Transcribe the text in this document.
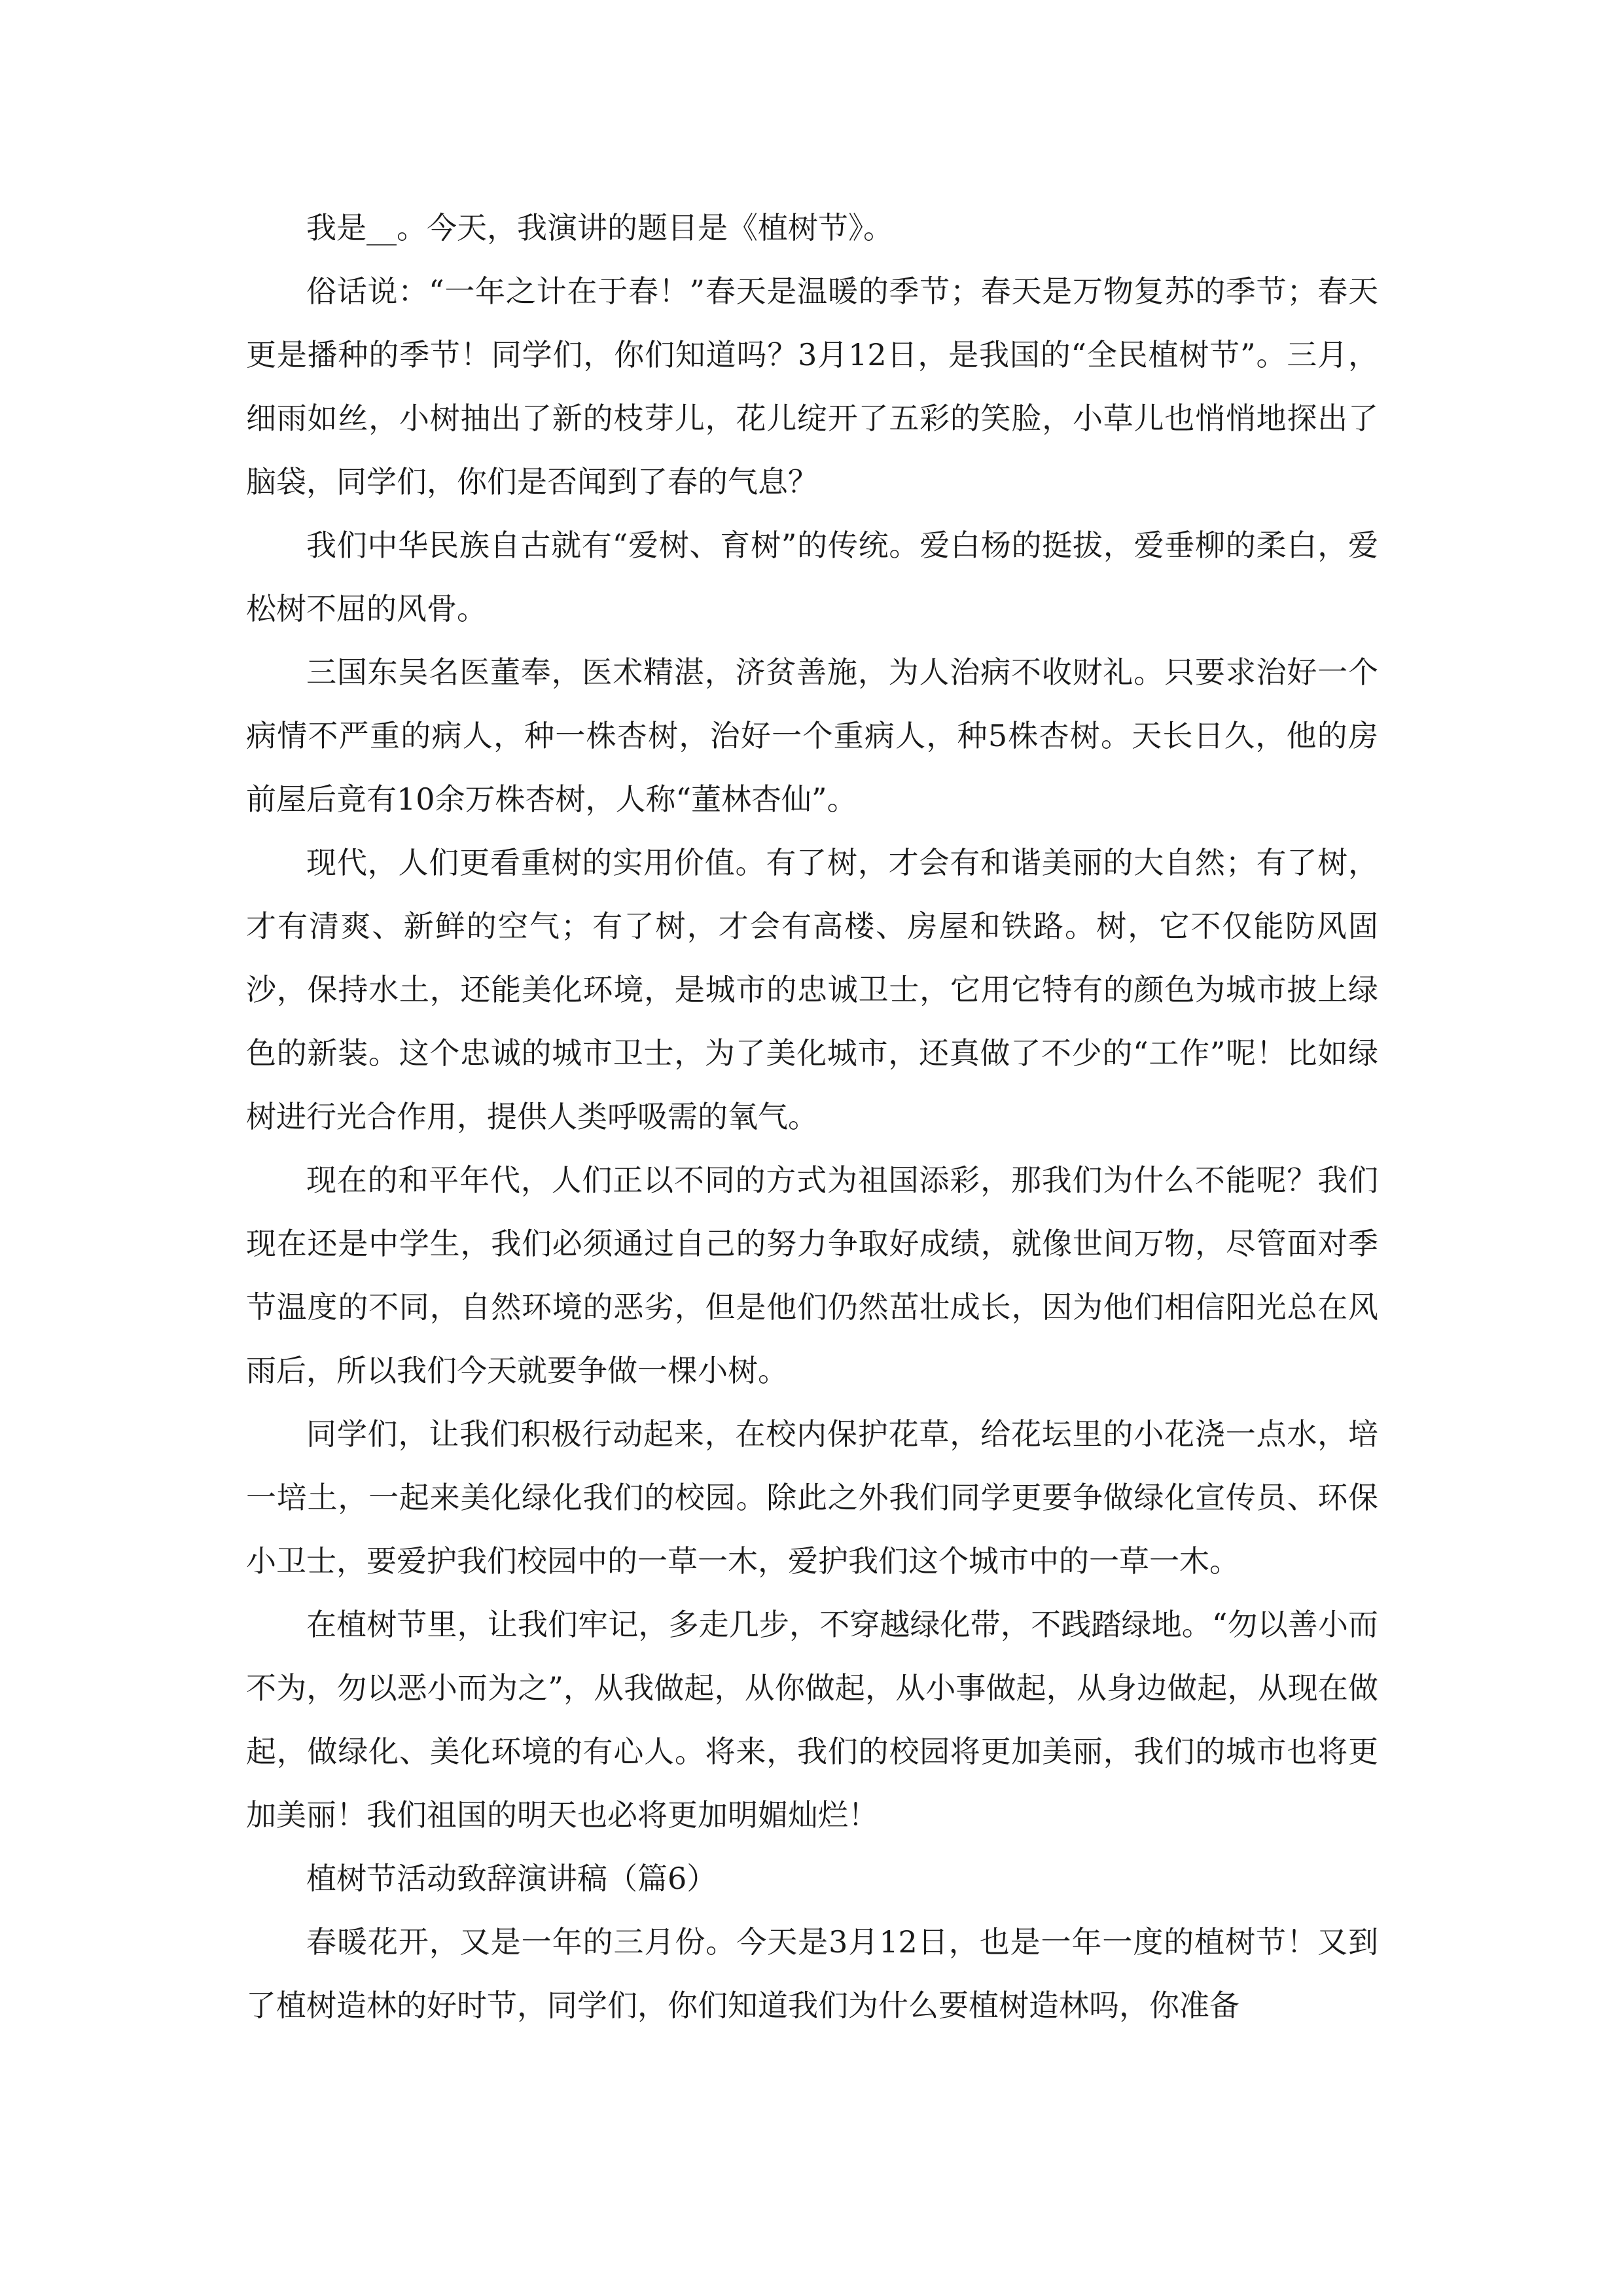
我是__。今天，我演讲的题目是《植树节》。

俗话说：“一年之计在于春！”春天是温暖的季节；春天是万物复苏的季节；春天更是播种的季节！同学们，你们知道吗？3月12日，是我国的“全民植树节”。三月，细雨如丝，小树抽出了新的枝芽儿，花儿绽开了五彩的笑脸，小草儿也悄悄地探出了脑袋，同学们，你们是否闻到了春的气息？

我们中华民族自古就有“爱树、育树”的传统。爱白杨的挺拔，爱垂柳的柔白，爱松树不屈的风骨。

三国东吴名医董奉，医术精湛，济贫善施，为人治病不收财礼。只要求治好一个病情不严重的病人，种一株杏树，治好一个重病人，种5株杏树。天长日久，他的房前屋后竟有10余万株杏树，人称“董林杏仙”。

现代，人们更看重树的实用价值。有了树，才会有和谐美丽的大自然；有了树，才有清爽、新鲜的空气；有了树，才会有高楼、房屋和铁路。树，它不仅能防风固沙，保持水土，还能美化环境，是城市的忠诚卫士，它用它特有的颜色为城市披上绿色的新装。这个忠诚的城市卫士，为了美化城市，还真做了不少的“工作”呢！比如绿树进行光合作用，提供人类呼吸需的氧气。

现在的和平年代，人们正以不同的方式为祖国添彩，那我们为什么不能呢？我们现在还是中学生，我们必须通过自己的努力争取好成绩，就像世间万物，尽管面对季节温度的不同，自然环境的恶劣，但是他们仍然茁壮成长，因为他们相信阳光总在风雨后，所以我们今天就要争做一棵小树。

同学们，让我们积极行动起来，在校内保护花草，给花坛里的小花浇一点水，培一培土，一起来美化绿化我们的校园。除此之外我们同学更要争做绿化宣传员、环保小卫士，要爱护我们校园中的一草一木，爱护我们这个城市中的一草一木。

在植树节里，让我们牢记，多走几步，不穿越绿化带，不践踏绿地。“勿以善小而不为，勿以恶小而为之”，从我做起，从你做起，从小事做起，从身边做起，从现在做起，做绿化、美化环境的有心人。将来，我们的校园将更加美丽，我们的城市也将更加美丽！我们祖国的明天也必将更加明媚灿烂！

植树节活动致辞演讲稿（篇6）

春暖花开，又是一年的三月份。今天是3月12日，也是一年一度的植树节！又到了植树造林的好时节，同学们，你们知道我们为什么要植树造林吗，你准备
